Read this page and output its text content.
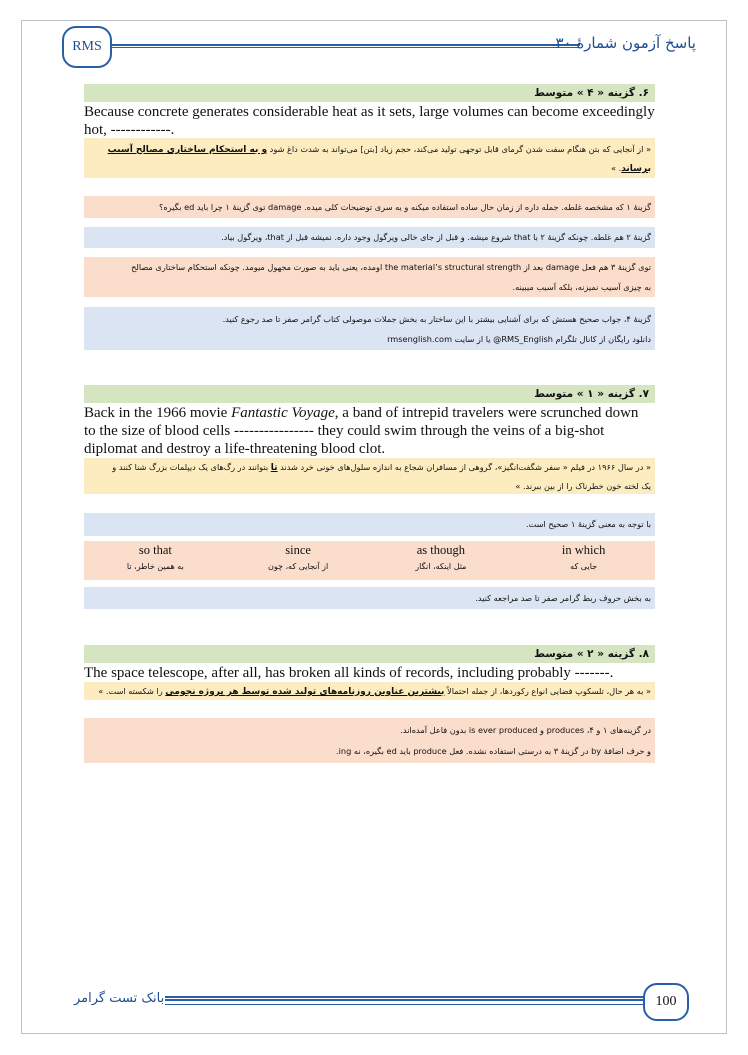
RMS	پاسخ آزمون شمارۀ ۳۰
۶. گزینه « ۴ » متوسط
Because concrete generates considerable heat as it sets, large volumes can become exceedingly
hot, ------------.
« از آنجایی که بتن هنگام سفت شدن گرمای قابل توجهی تولید می‌کند، حجم زیاد [بتن] می‌تواند به شدت داغ شود و به استحکام ساختاری مصالح آسیب برساند. »
گزینهٔ ۱ که مشخصه غلطه. جمله داره از زمان حال ساده استفاده میکنه و یه سری توضیحات کلی میده. damage توی گزینهٔ ۱ چرا باید ed بگیره؟
گزینهٔ ۲ هم غلطه. چونکه گزینهٔ ۲ با that شروع میشه. و قبل از جای خالی ویرگول وجود داره. نمیشه قبل از that، ویرگول بیاد.
توی گزینهٔ ۳ هم فعل damage بعد از the material’s structural strength اومده، یعنی باید به صورت مجهول میومد. چونکه استحکام ساختاری مصالح
به چیزی آسیب نمیزنه، بلکه آسیب میبینه.
گزینهٔ ۴، جواب صحیح هستش که برای آشنایی بیشتر با این ساختار به بخش جملات موصولی کتاب گرامر صفر تا صد رجوع کنید.
دانلود رایگان از کانال تلگرام RMS_English@ یا از سایت rmsenglish.com
۷. گزینه « ۱ » متوسط
Back in the 1966 movie Fantastic Voyage, a band of intrepid travelers were scrunched down
to the size of blood cells ---------------- they could swim through the veins of a big-shot
diplomat and destroy a life-threatening blood clot.
« در سال ۱۹۶۶ در فیلم « سفر شگفت‌انگیز»، گروهی از مسافران شجاع به اندازه سلول‌های خونی خرد شدند تا بتوانند در رگ‌های یک دیپلمات بزرگ شنا کنند و
یک لخته خون خطرناک را از بین ببرند. »
با توجه به معنی گزینهٔ ۱ صحیح است.
so that
به همین خاطر، تا
since
از آنجایی که، چون
as though
مثل اینکه، انگار
in which
جایی که
به بخش حروف ربط گرامر صفر تا صد مراجعه کنید.
۸. گزینه « ۲ » متوسط
The space telescope, after all, has broken all kinds of records, including probably -------.
« به هر حال، تلسکوپ فضایی انواع رکوردها، از جمله احتمالاً بیشترین عناوین روزنامه‌های تولید شده توسط هر پروژه نجومی را شکسته است. »
در گزینه‌های ۱ و ۴، produces و is ever produced بدون فاعل آمده‌اند.
و حرف اضافهٔ by در گزینهٔ ۳ به درستی استفاده نشده. فعل produce باید ed بگیره، نه ing.
100
بانک تست گرامر
